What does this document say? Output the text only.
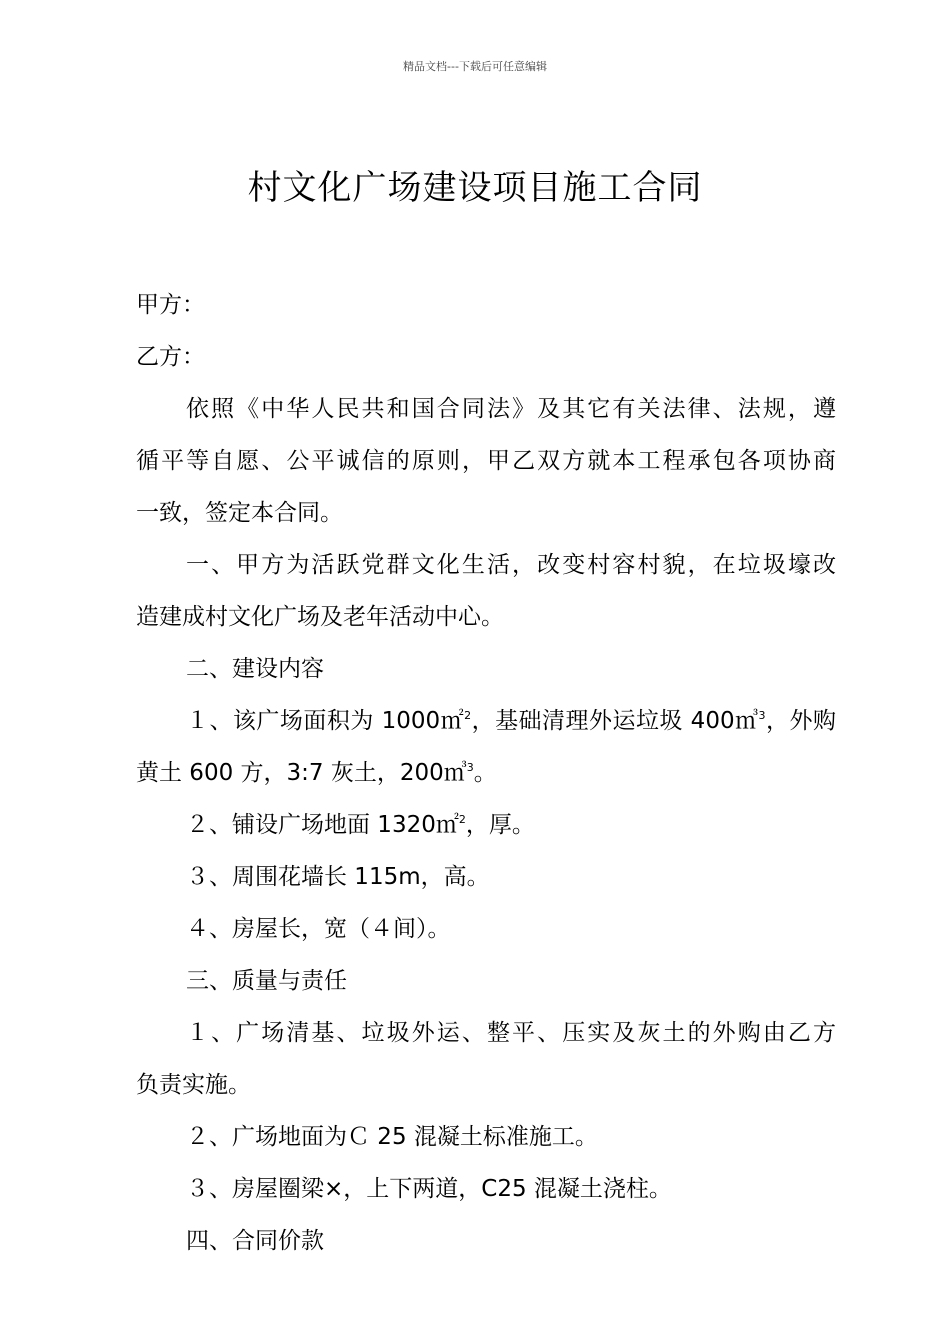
精品文档---下载后可任意编辑
村文化广场建设项目施工合同
甲方：
乙方：
依照《中华人民共和国合同法》及其它有关法律、法规，遵
循平等自愿、公平诚信的原则，甲乙双方就本工程承包各项协商
一致，签定本合同。
一、甲方为活跃党群文化生活，改变村容村貌，在垃圾壕改
造建成村文化广场及老年活动中心。
二、建设内容
１、该广场面积为 1000㎡$^2$，基础清理外运垃圾 400㎥$^3$，外购
黄土 600 方，3:7 灰土，200㎥$^3$。
２、铺设广场地面 1320㎡$^2$，厚。
３、周围花墙长 115m，高。
４、房屋长，宽（４间）。
三、质量与责任
１、广场清基、垃圾外运、整平、压实及灰土的外购由乙方
负责实施。
２、广场地面为Ｃ 25 混凝土标准施工。
３、房屋圈梁×，上下两道，C25 混凝土浇柱。
四、合同价款
